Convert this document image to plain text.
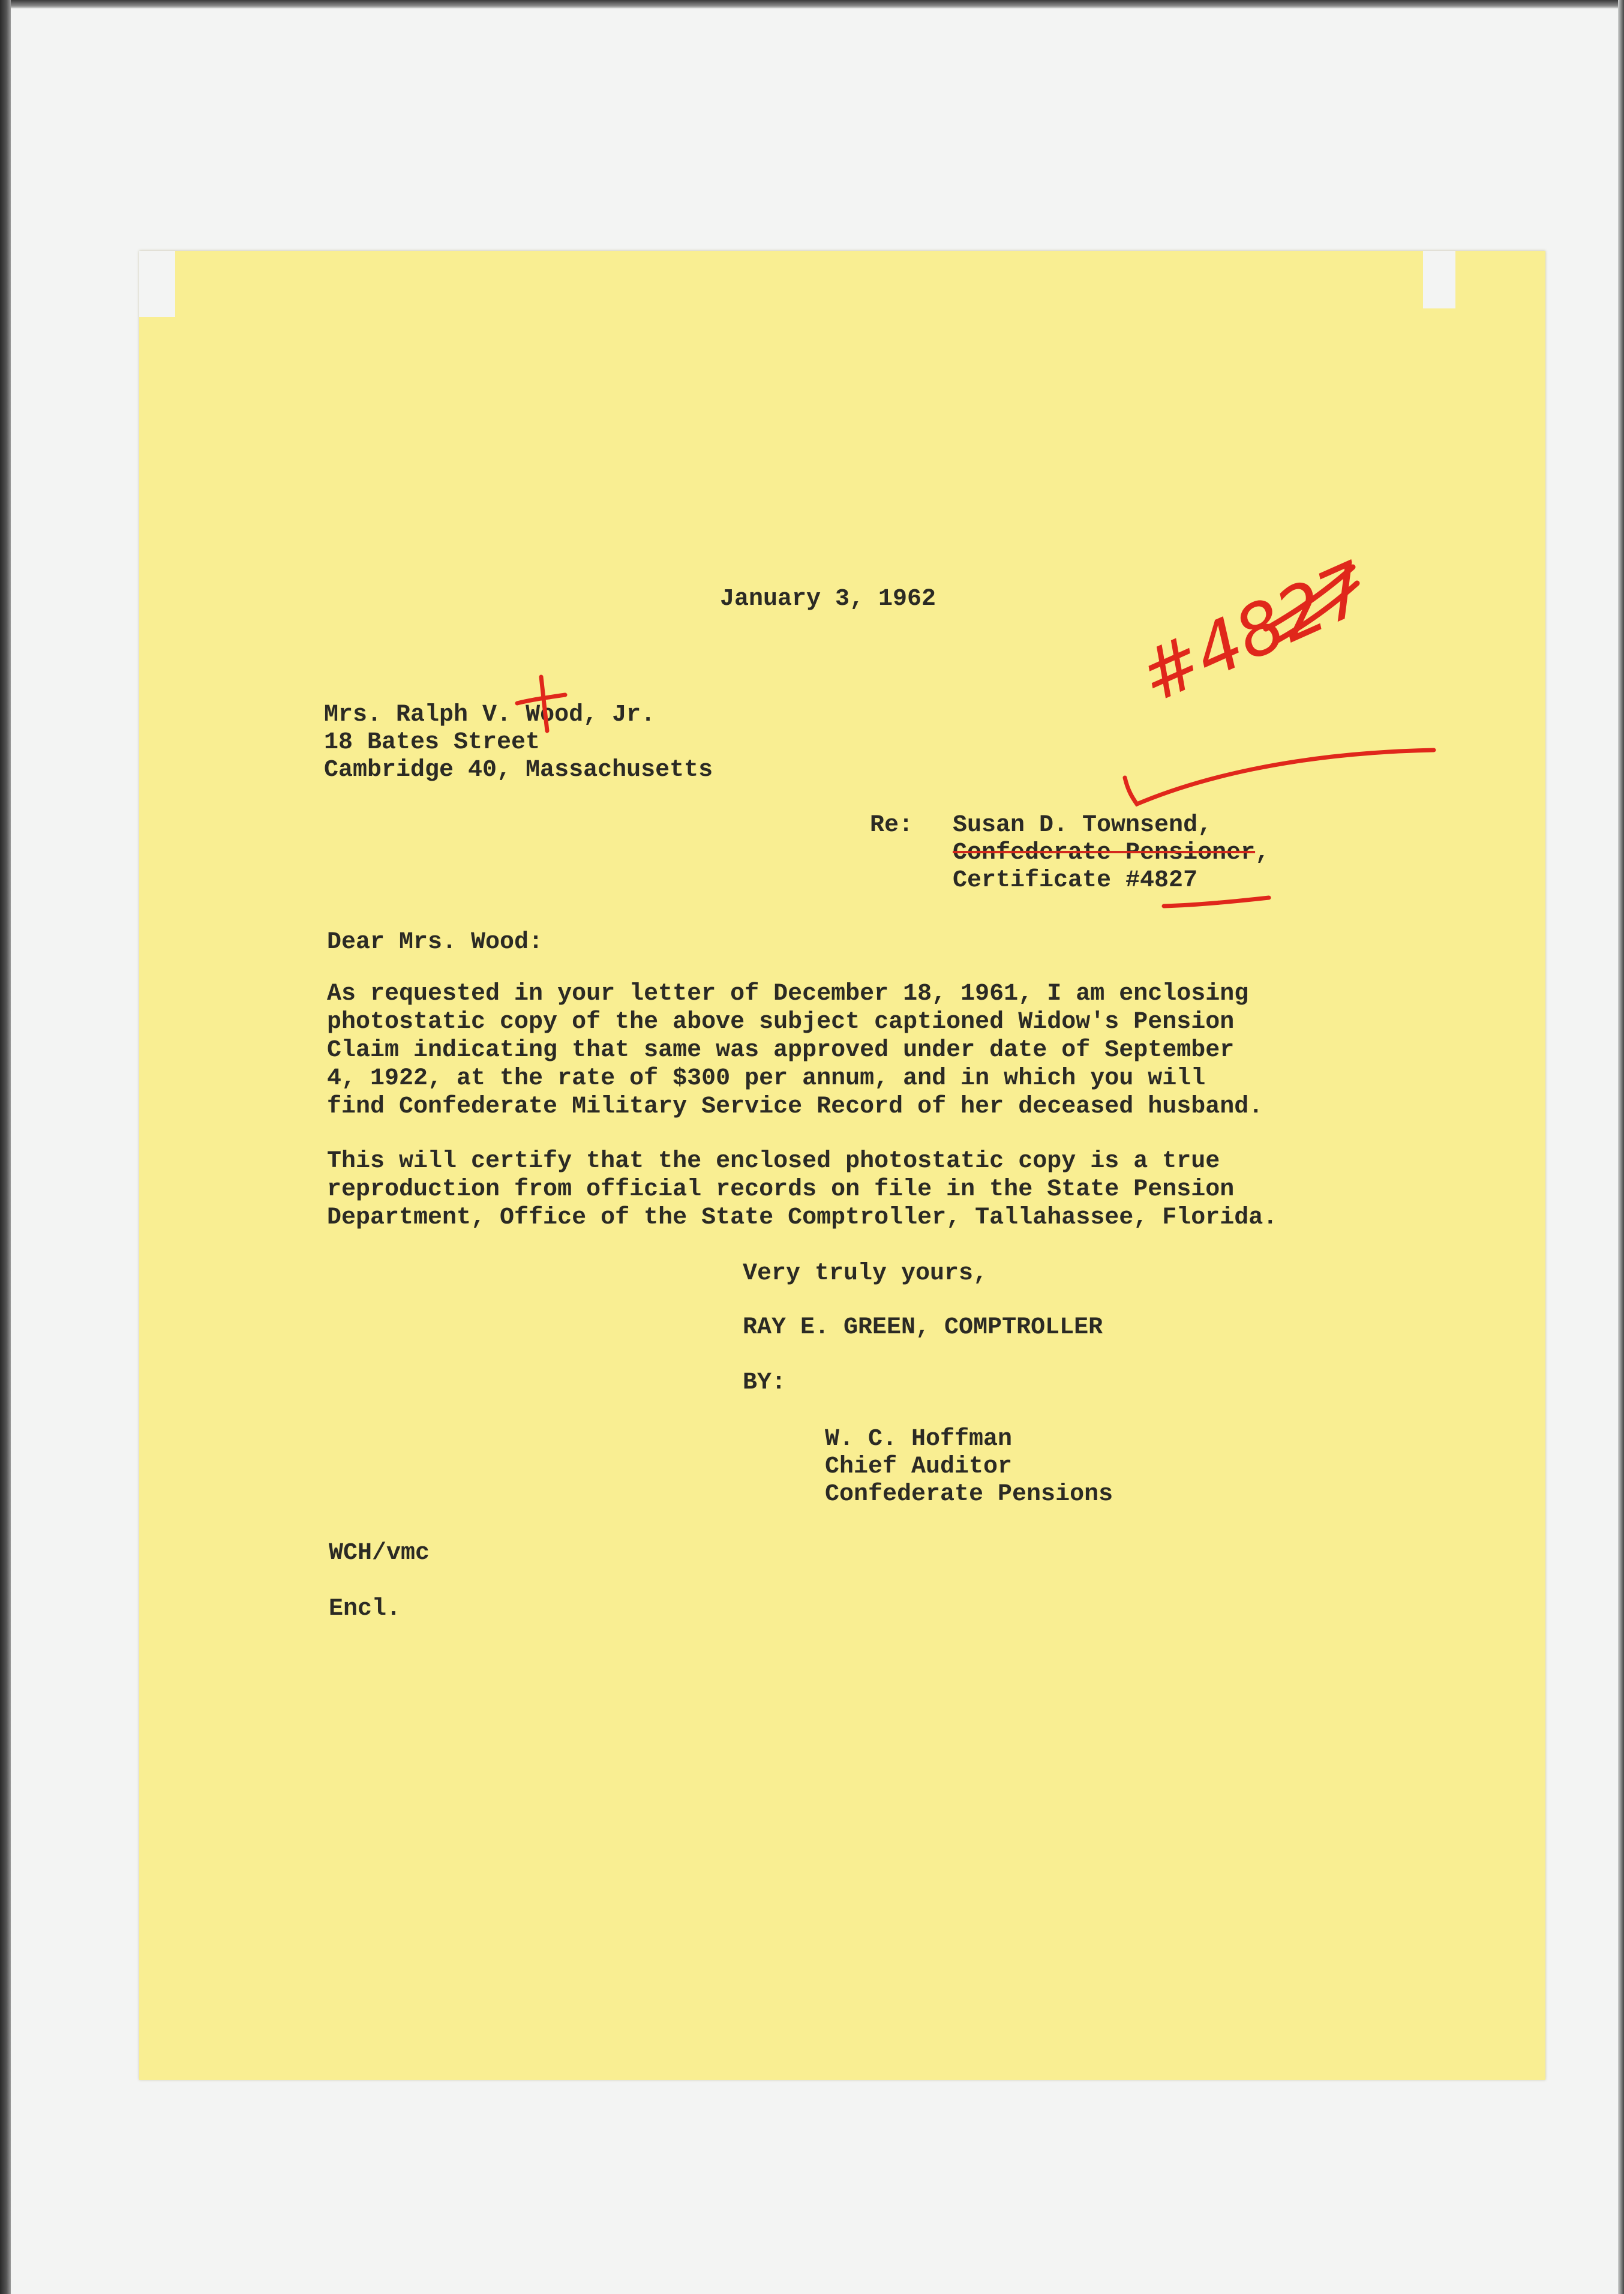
January 3, 1962
Mrs. Ralph V. Wood, Jr.
18 Bates Street
Cambridge 40, Massachusetts
Re: Susan D. Townsend,
Confederate Pensioner,
Certificate #4827
Dear Mrs. Wood:
As requested in your letter of December 18, 1961, I am enclosing
photostatic copy of the above subject captioned Widow's Pension
Claim indicating that same was approved under date of September
4, 1922, at the rate of $300 per annum, and in which you will
find Confederate Military Service Record of her deceased husband.
This will certify that the enclosed photostatic copy is a true
reproduction from official records on file in the State Pension
Department, Office of the State Comptroller, Tallahassee, Florida.
Very truly yours,
RAY E. GREEN, COMPTROLLER
BY:
W. C. Hoffman
Chief Auditor
Confederate Pensions
WCH/vmc
Encl.
#4827
